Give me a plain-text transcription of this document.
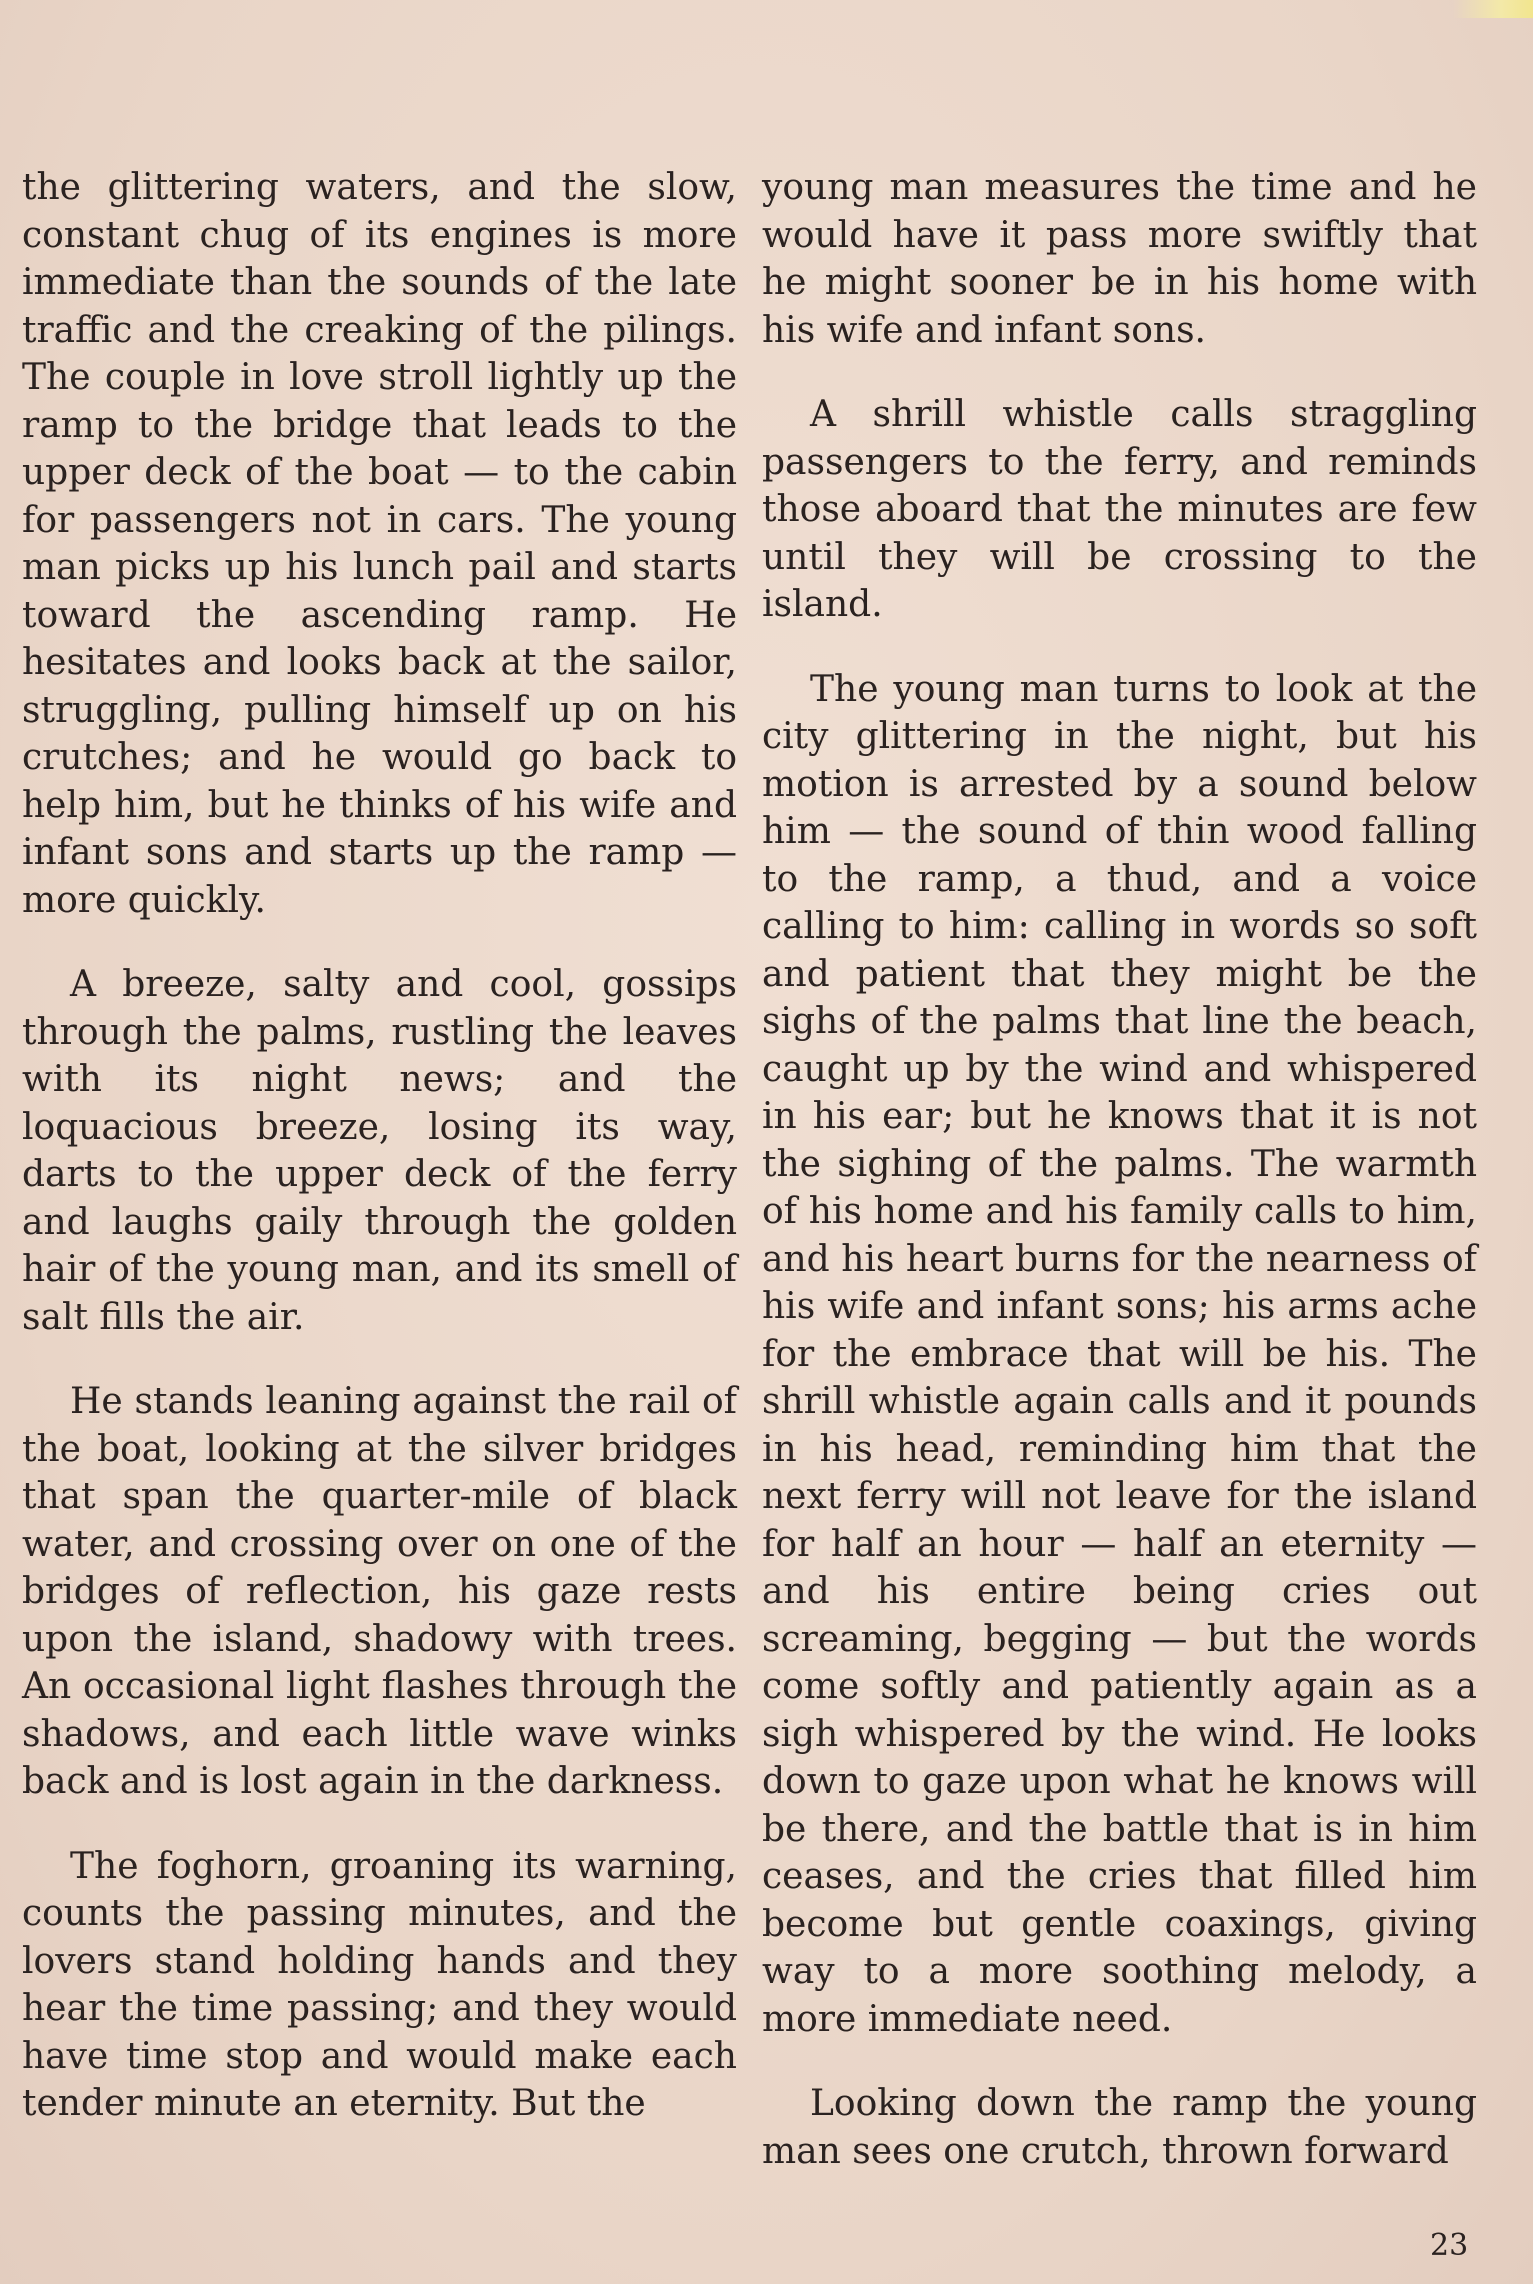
the glittering waters, and the slow, constant chug of its engines is more immediate than the sounds of the late traffic and the creaking of the pilings. The couple in love stroll lightly up the ramp to the bridge that leads to the upper deck of the boat — to the cabin for passengers not in cars. The young man picks up his lunch pail and starts toward the ascending ramp. He hesitates and looks back at the sailor, struggling, pulling himself up on his crutches; and he would go back to help him, but he thinks of his wife and infant sons and starts up the ramp — more quickly.

A breeze, salty and cool, gossips through the palms, rustling the leaves with its night news; and the loquacious breeze, losing its way, darts to the upper deck of the ferry and laughs gaily through the golden hair of the young man, and its smell of salt fills the air.

He stands leaning against the rail of the boat, looking at the silver bridges that span the quarter-mile of black water, and crossing over on one of the bridges of reflection, his gaze rests upon the island, shadowy with trees. An occasional light flashes through the shadows, and each little wave winks back and is lost again in the darkness.

The foghorn, groaning its warning, counts the passing minutes, and the lovers stand holding hands and they hear the time passing; and they would have time stop and would make each tender minute an eternity. But the

young man measures the time and he would have it pass more swiftly that he might sooner be in his home with his wife and infant sons.

A shrill whistle calls straggling passengers to the ferry, and reminds those aboard that the minutes are few until they will be crossing to the island.

The young man turns to look at the city glittering in the night, but his motion is arrested by a sound below him — the sound of thin wood falling to the ramp, a thud, and a voice calling to him: calling in words so soft and patient that they might be the sighs of the palms that line the beach, caught up by the wind and whispered in his ear; but he knows that it is not the sighing of the palms. The warmth of his home and his family calls to him, and his heart burns for the nearness of his wife and infant sons; his arms ache for the embrace that will be his. The shrill whistle again calls and it pounds in his head, reminding him that the next ferry will not leave for the island for half an hour — half an eternity — and his entire being cries out screaming, begging — but the words come softly and patiently again as a sigh whispered by the wind. He looks down to gaze upon what he knows will be there, and the battle that is in him ceases, and the cries that filled him become but gentle coaxings, giving way to a more soothing melody, a more immediate need.

Looking down the ramp the young man sees one crutch, thrown forward

23
